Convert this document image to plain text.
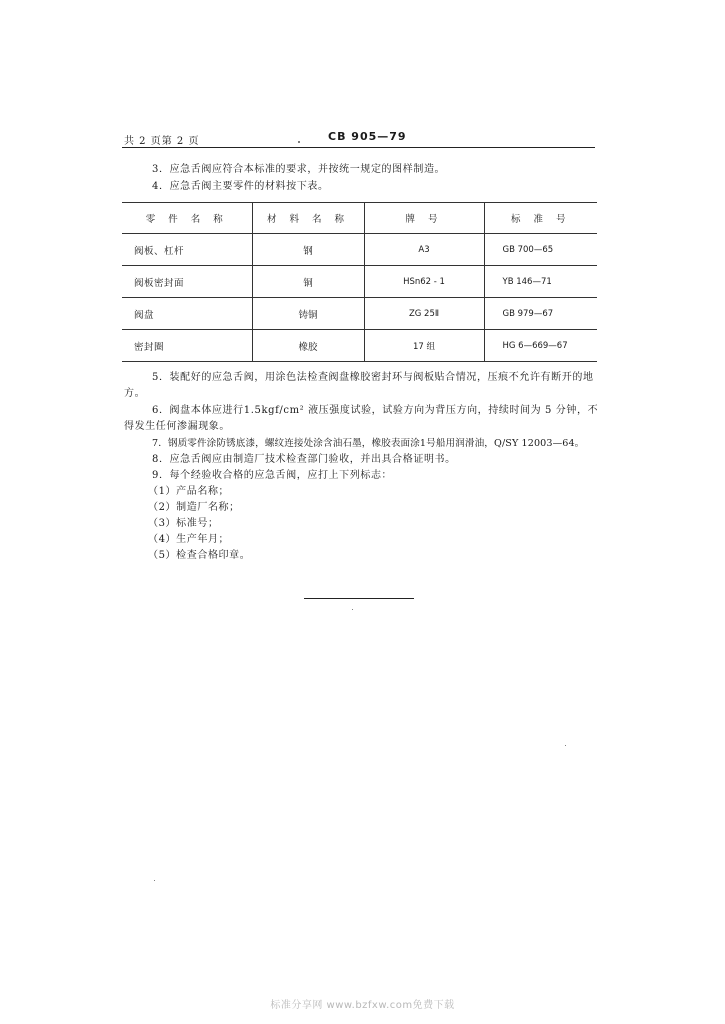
共 2 页第 2 页	CB 905—79
3．应急舌阀应符合本标准的要求，并按统一规定的图样制造。
4．应急舌阀主要零件的材料按下表。
零 件 名 称	材 料 名 称	牌 号	标 准 号
阀板、杠杆	钢	A3	GB 700—65
阀板密封面	铜	HSn62 - 1	YB 146—71
阀盘	铸铜	ZG 25Ⅱ	GB 979—67
密封圈	橡胶	17 组	HG 6—669—67
5．装配好的应急舌阀，用涂色法检查阀盘橡胶密封环与阀板贴合情况，压痕不允许有断开的地
方。
6．阀盘本体应进行1.5kgf/cm² 液压强度试验，试验方向为背压方向，持续时间为 5 分钟，不
得发生任何渗漏现象。
7．钢质零件涂防锈底漆，螺纹连接处涂含油石墨，橡胶表面涂1号船用润滑油，Q/SY 12003—64。
8．应急舌阀应由制造厂技术检查部门验收，并出具合格证明书。
9．每个经验收合格的应急舌阀，应打上下列标志：
（1）产品名称；
（2）制造厂名称；
（3）标准号；
（4）生产年月；
（5）检查合格印章。
标准分享网 www.bzfxw.com免费下载
